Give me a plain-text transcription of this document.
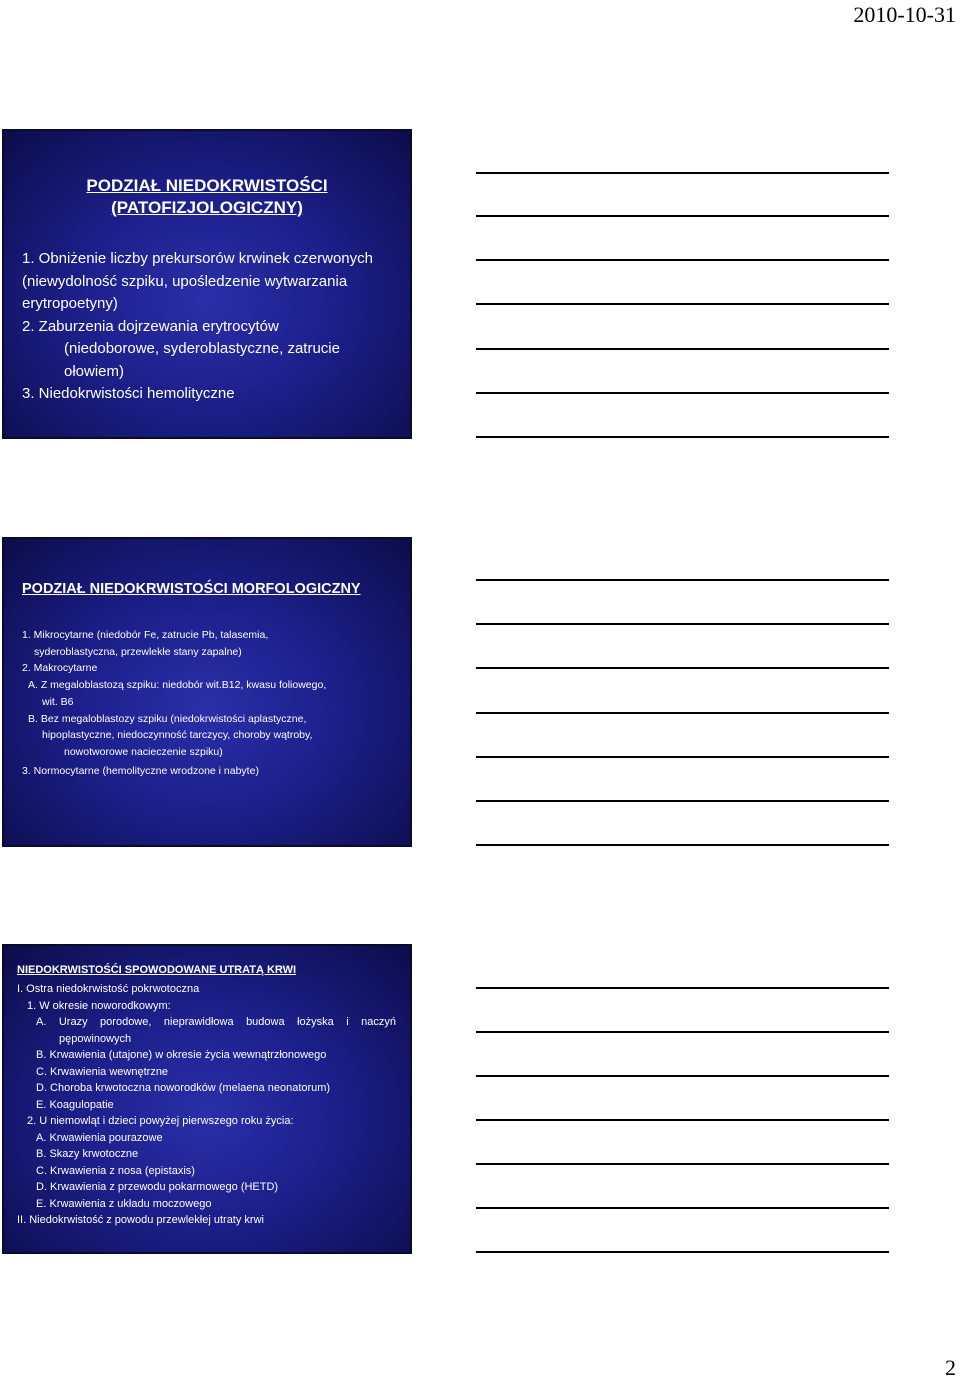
2010-10-31
PODZIAŁ NIEDOKRWISTOŚCI
(PATOFIZJOLOGICZNY)
1. Obniżenie liczby prekursorów krwinek czerwonych
(niewydolność szpiku, upośledzenie wytwarzania
erytropoetyny)
2. Zaburzenia dojrzewania erytrocytów
(niedoborowe, syderoblastyczne, zatrucie
ołowiem)
3. Niedokrwistości hemolityczne
PODZIAŁ NIEDOKRWISTOŚCI MORFOLOGICZNY
1. Mikrocytarne (niedobór Fe, zatrucie Pb, talasemia,
syderoblastyczna, przewlekłe stany zapalne)
2. Makrocytarne
A. Z megaloblastozą szpiku: niedobór wit.B12, kwasu foliowego,
wit. B6
B. Bez megaloblastozy szpiku (niedokrwistości aplastyczne,
hipoplastyczne, niedoczynność tarczycy, choroby wątroby,
nowotworowe nacieczenie szpiku)
3. Normocytarne (hemolityczne wrodzone i nabyte)
NIEDOKRWISTOŚĆI SPOWODOWANE UTRATĄ KRWI
I. Ostra niedokrwistość pokrwotoczna
1. W okresie noworodkowym:
A. Urazy porodowe, nieprawidłowa budowa łożyska i naczyń
pępowinowych
B. Krwawienia (utajone) w okresie życia wewnątrzłonowego
C. Krwawienia wewnętrzne
D. Choroba krwotoczna noworodków (melaena neonatorum)
E. Koagulopatie
2. U niemowląt i dzieci powyżej pierwszego roku życia:
A. Krwawienia pourazowe
B. Skazy krwotoczne
C. Krwawienia z nosa (epistaxis)
D. Krwawienia z przewodu pokarmowego (HETD)
E. Krwawienia z układu moczowego
II. Niedokrwistość z powodu przewlekłej utraty krwi
2
